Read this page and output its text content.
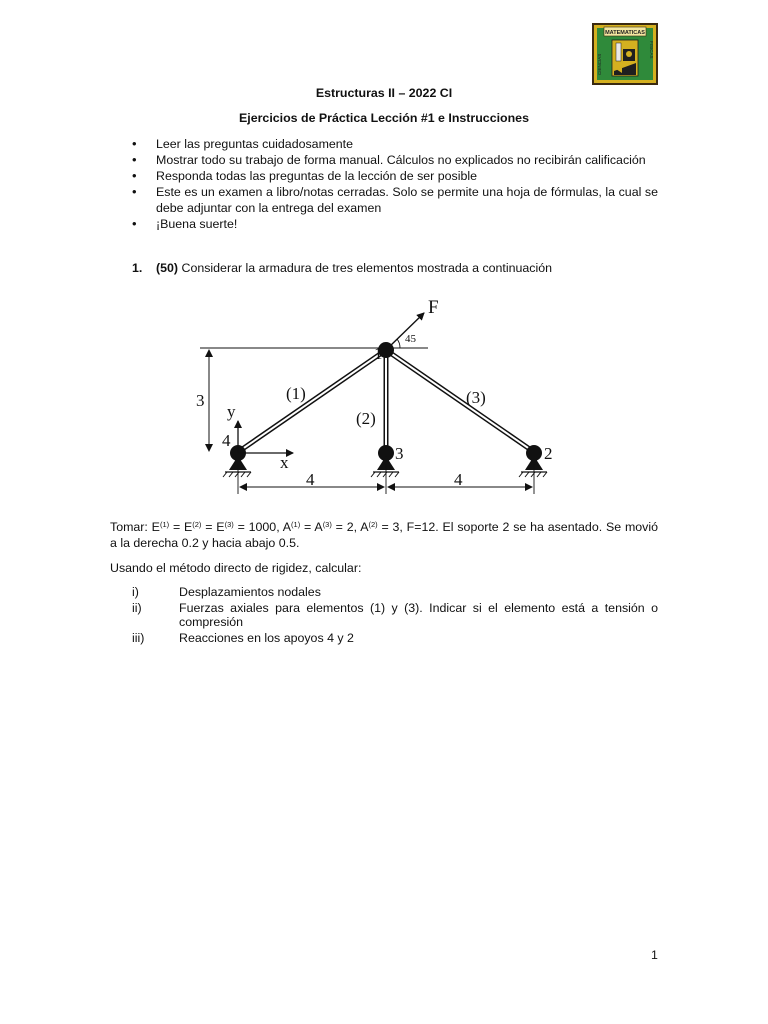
MATEMATICAS
CIENCIAS
FISICAS
Estructuras II – 2022 CI
Ejercicios de Práctica Lección #1 e Instrucciones
• Leer las preguntas cuidadosamente
• Mostrar todo su trabajo de forma manual. Cálculos no explicados no recibirán calificación
• Responda todas las preguntas de la lección de ser posible
• Este es un examen a libro/notas cerradas. Solo se permite una hoja de fórmulas, la cual se debe adjuntar con la entrega del examen
• ¡Buena suerte!
1. (50) Considerar la armadura de tres elementos mostrada a continuación
3
F
45
1
4
3	2
(1)
(2)
(3)
y
x
4	4
Tomar: $E^{(1)} = E^{(2)} = E^{(3)} = 1000$, $A^{(1)} = A^{(3)} = 2$, $A^{(2)} = 3$, F=12. El soporte 2 se ha asentado. Se movió a la derecha 0.2 y hacia abajo 0.5.
Usando el método directo de rigidez, calcular:
i)	Desplazamientos nodales
ii)	Fuerzas axiales para elementos (1) y (3). Indicar si el elemento está a tensión o compresión
iii)	Reacciones en los apoyos 4 y 2
1
